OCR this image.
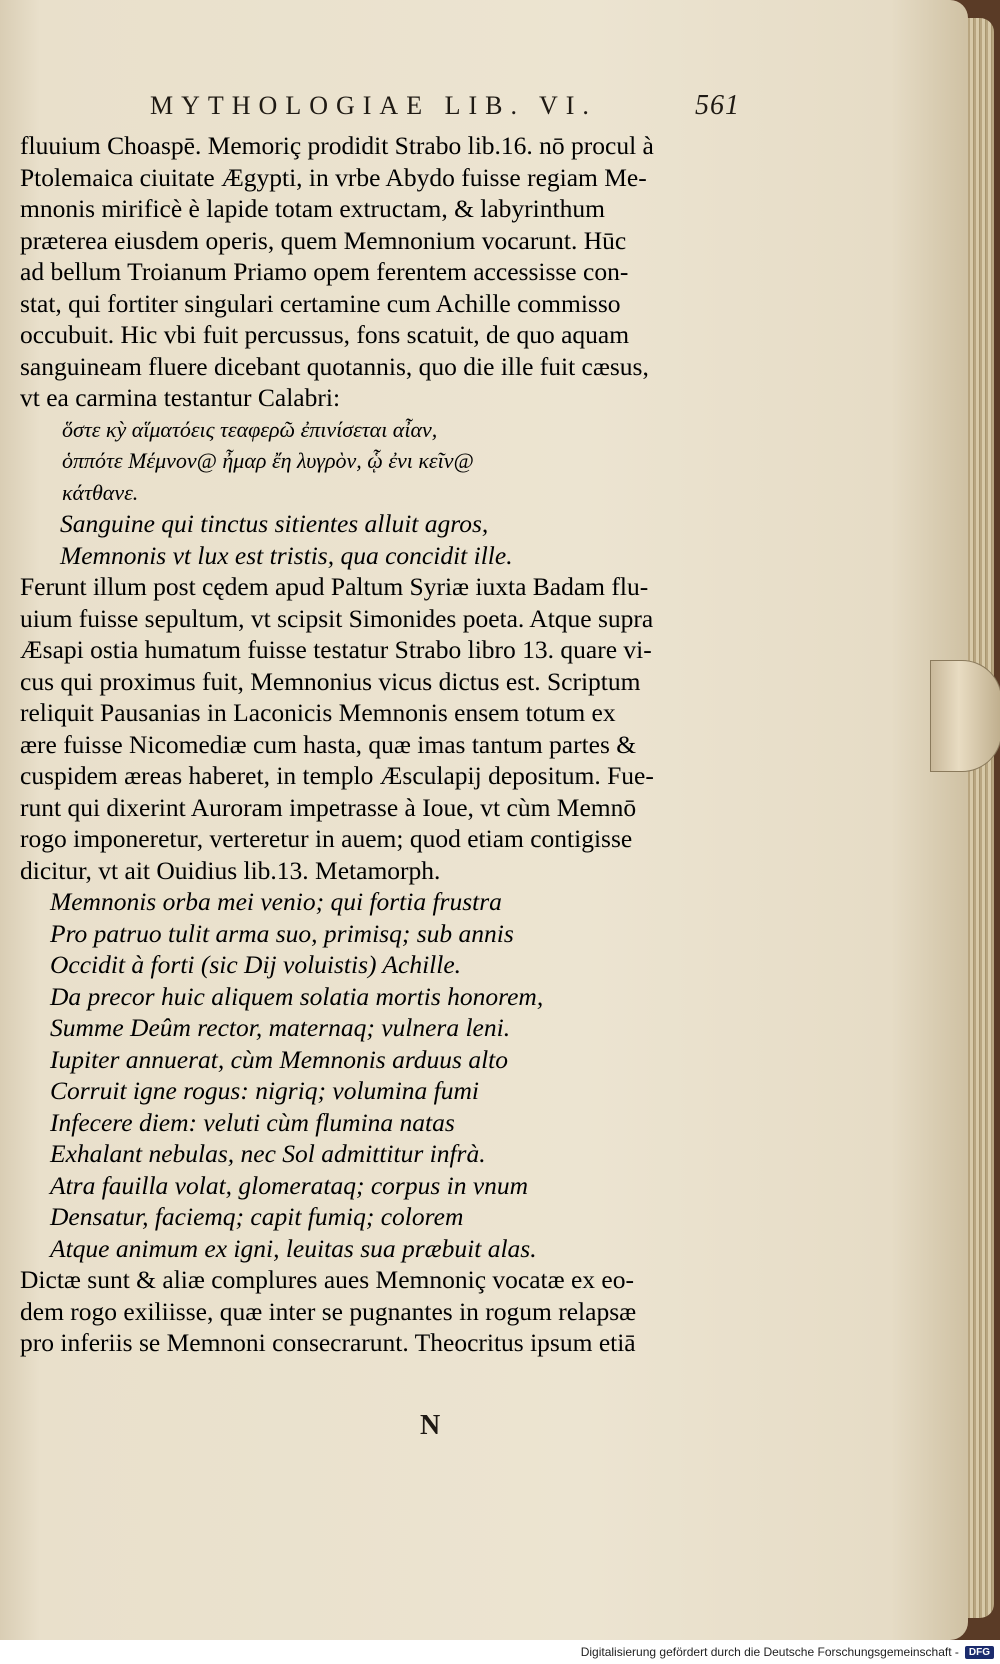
MYTHOLOGIAE LIB. VI.	561
fluuium Choaspē. Memoriç prodidit Strabo lib.16. nō procul à
Ptolemaica ciuitate Ægypti, in vrbe Abydo fuisse regiam Me-
mnonis mirificè è lapide totam extructam, & labyrinthum
præterea eiusdem operis, quem Memnonium vocarunt. Hūc
ad bellum Troianum Priamo opem ferentem accessisse con-
stat, qui fortiter singulari certamine cum Achille commisso
occubuit. Hic vbi fuit percussus, fons scatuit, de quo aquam
sanguineam fluere dicebant quotannis, quo die ille fuit cæsus,
vt ea carmina testantur Calabri:
ὅστε κỳ αἵματόεις τεαφερῶ ἐπινίσεται αἶαν,
ὁππότε Μέμνον@ ἦμαρ ἔη λυγρὸν, ᾧ ἐνι κεῖν@
κάτθανε.
Sanguine qui tinctus sitientes alluit agros,
Memnonis vt lux est tristis, qua concidit ille.
Ferunt illum post cędem apud Paltum Syriæ iuxta Badam flu-
uium fuisse sepultum, vt scipsit Simonides poeta. Atque supra
Æsapi ostia humatum fuisse testatur Strabo libro 13. quare vi-
cus qui proximus fuit, Memnonius vicus dictus est. Scriptum
reliquit Pausanias in Laconicis Memnonis ensem totum ex
ære fuisse Nicomediæ cum hasta, quæ imas tantum partes &
cuspidem æreas haberet, in templo Æsculapij depositum. Fue-
runt qui dixerint Auroram impetrasse à Ioue, vt cùm Memnō
rogo imponeretur, verteretur in auem; quod etiam contigisse
dicitur, vt ait Ouidius lib.13. Metamorph.
Memnonis orba mei venio; qui fortia frustra
Pro patruo tulit arma suo, primisq; sub annis
Occidit à forti (sic Dij voluistis) Achille.
Da precor huic aliquem solatia mortis honorem,
Summe Deûm rector, maternaq; vulnera leni.
Iupiter annuerat, cùm Memnonis arduus alto
Corruit igne rogus: nigriq; volumina fumi
Infecere diem: veluti cùm flumina natas
Exhalant nebulas, nec Sol admittitur infrà.
Atra fauilla volat, glomerataq; corpus in vnum
Densatur, faciemq; capit fumiq; colorem
Atque animum ex igni, leuitas sua præbuit alas.
Dictæ sunt & aliæ complures aues Memnoniç vocatæ ex eo-
dem rogo exiliisse, quæ inter se pugnantes in rogum relapsæ
pro inferiis se Memnoni consecrarunt. Theocritus ipsum etiā
N
Digitalisierung gefördert durch die Deutsche Forschungsgemeinschaft -	DFG
